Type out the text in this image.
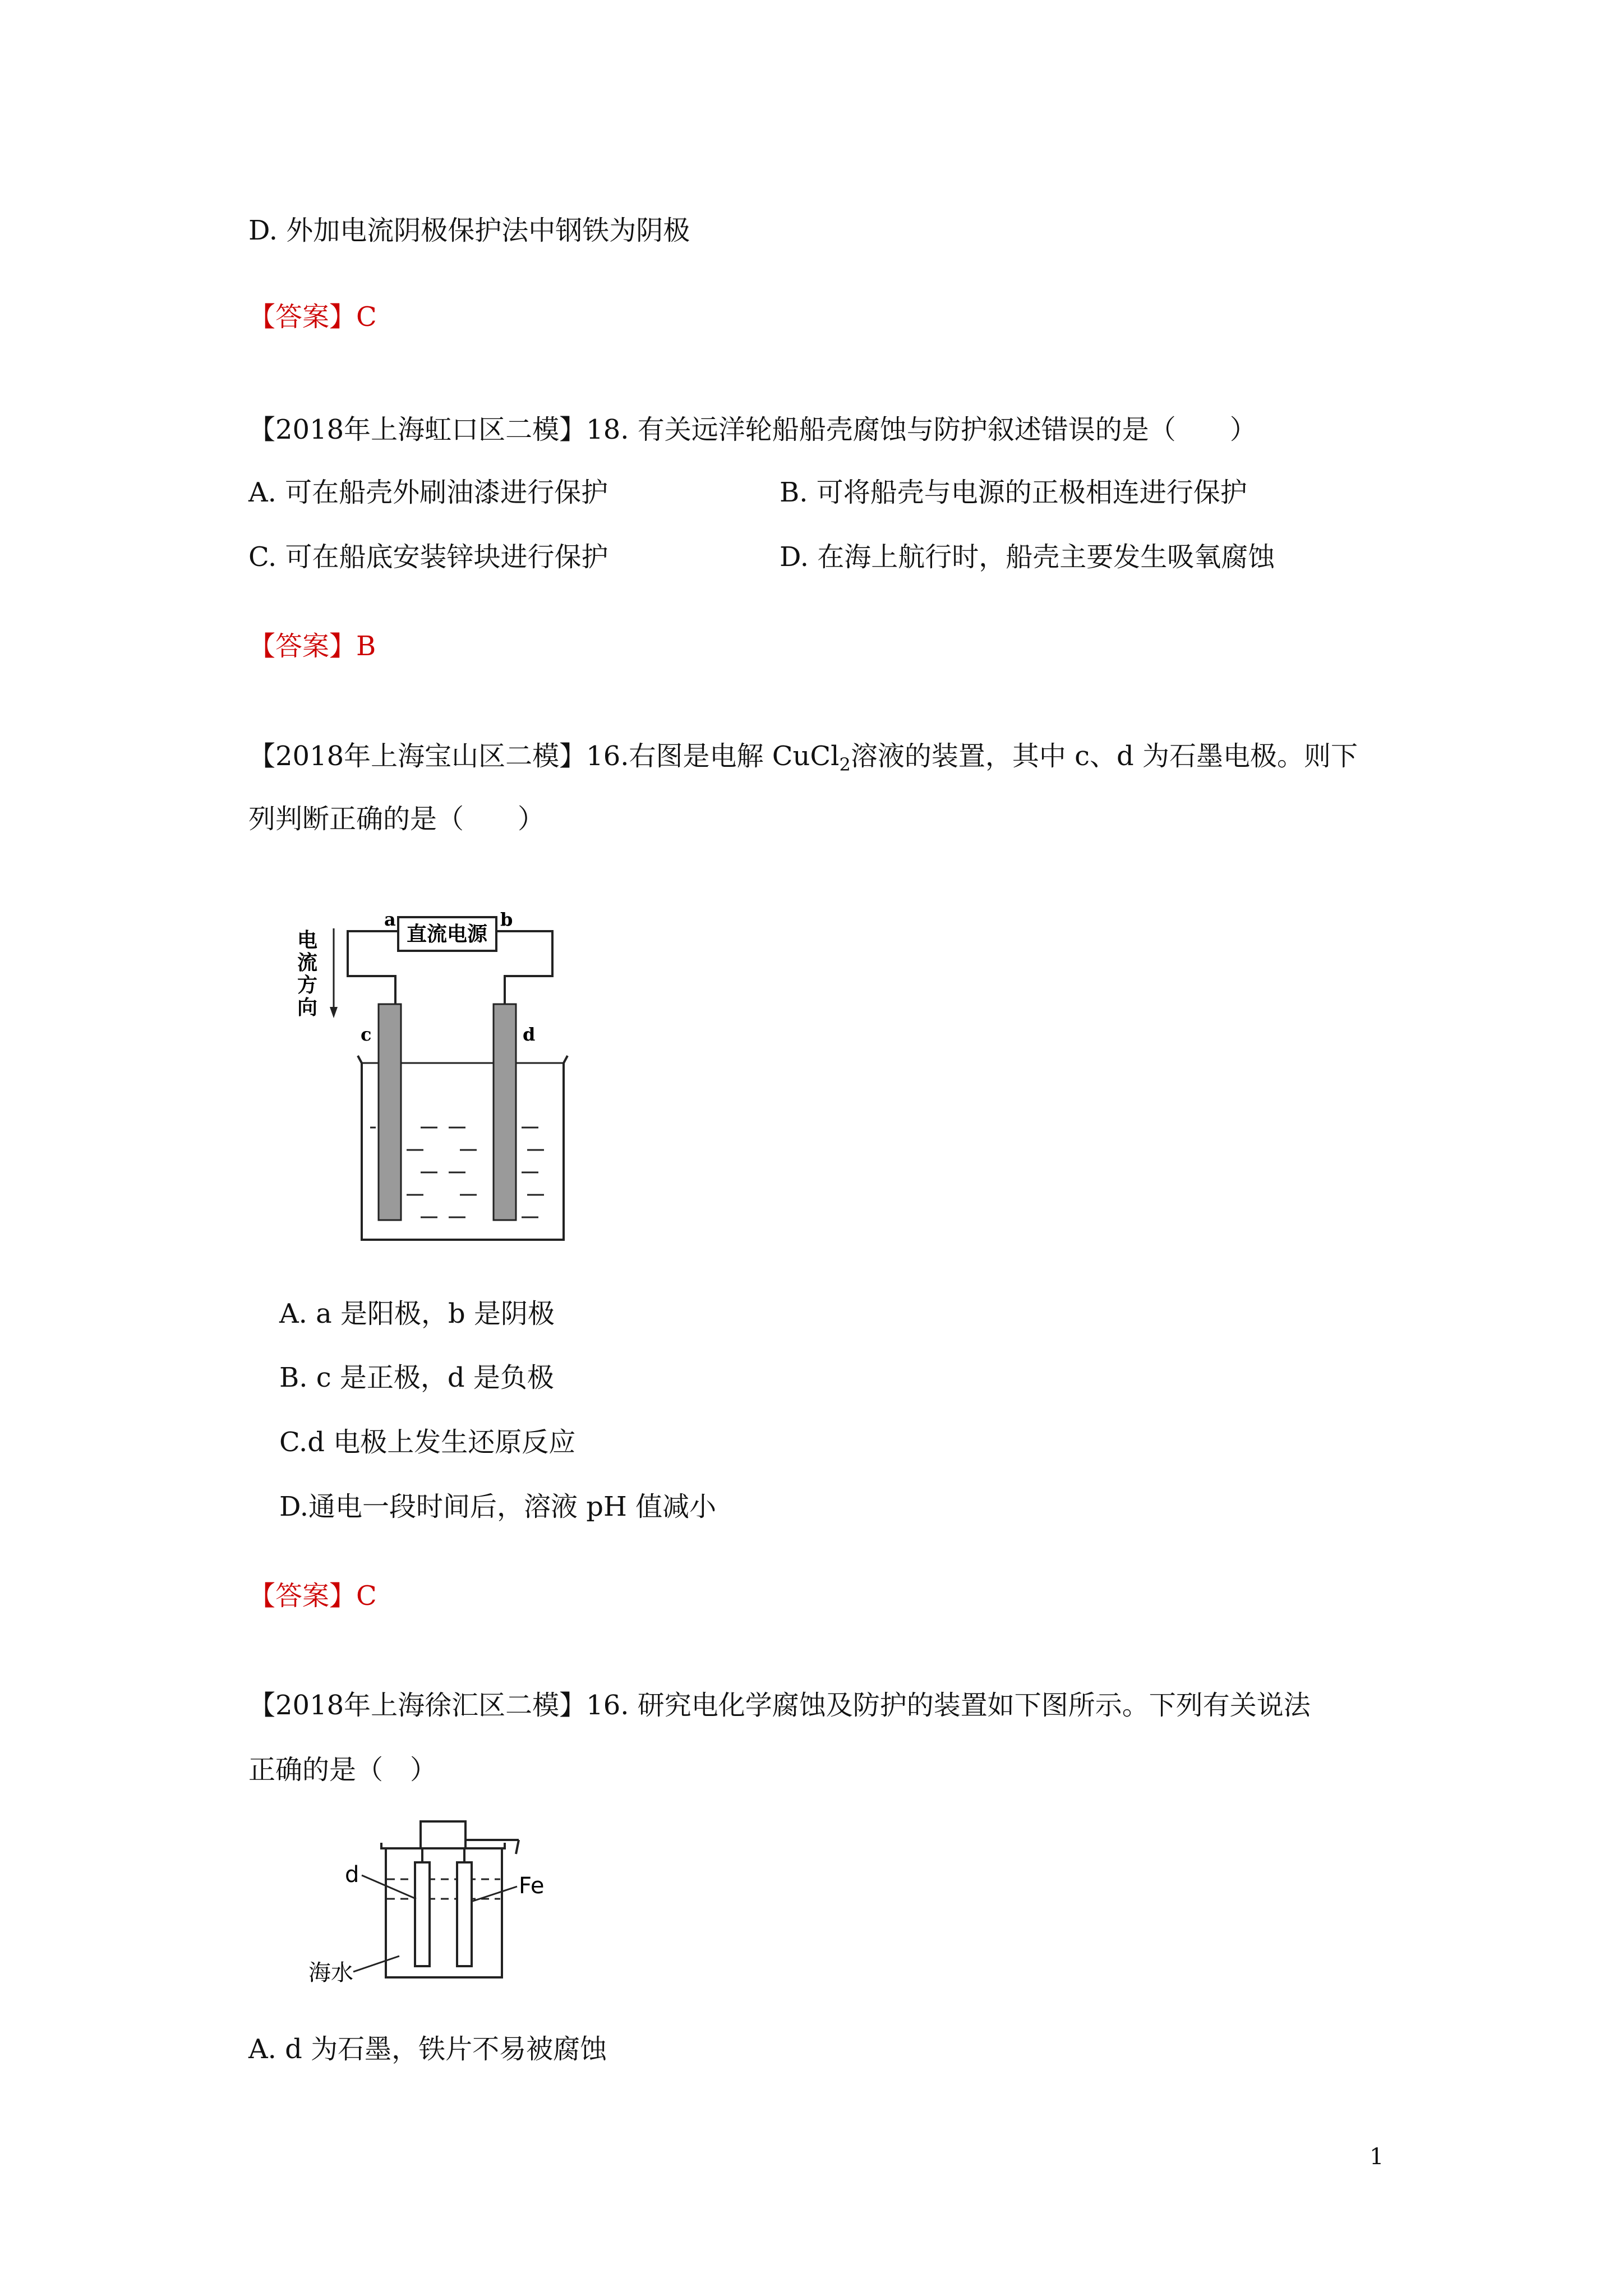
D. 外加电流阴极保护法中钢铁为阴极
【答案】C
【2018年上海虹口区二模】18. 有关远洋轮船船壳腐蚀与防护叙述错误的是（　　）
A. 可在船壳外刷油漆进行保护	B. 可将船壳与电源的正极相连进行保护
C. 可在船底安装锌块进行保护	D. 在海上航行时，船壳主要发生吸氧腐蚀
【答案】B
【2018年上海宝山区二模】16.右图是电解 CuCl$_2$溶液的装置，其中 c、d 为石墨电极。则下
列判断正确的是（　　）
直流电源
a	b
电
流
方
向
c	d
A. a 是阳极，b 是阴极
B. c 是正极，d 是负极
C.d 电极上发生还原反应
D.通电一段时间后，溶液 pH 值减小
【答案】C
【2018年上海徐汇区二模】16. 研究电化学腐蚀及防护的装置如下图所示。下列有关说法
正确的是（　）
d	Fe
海水
A. d 为石墨，铁片不易被腐蚀
1
